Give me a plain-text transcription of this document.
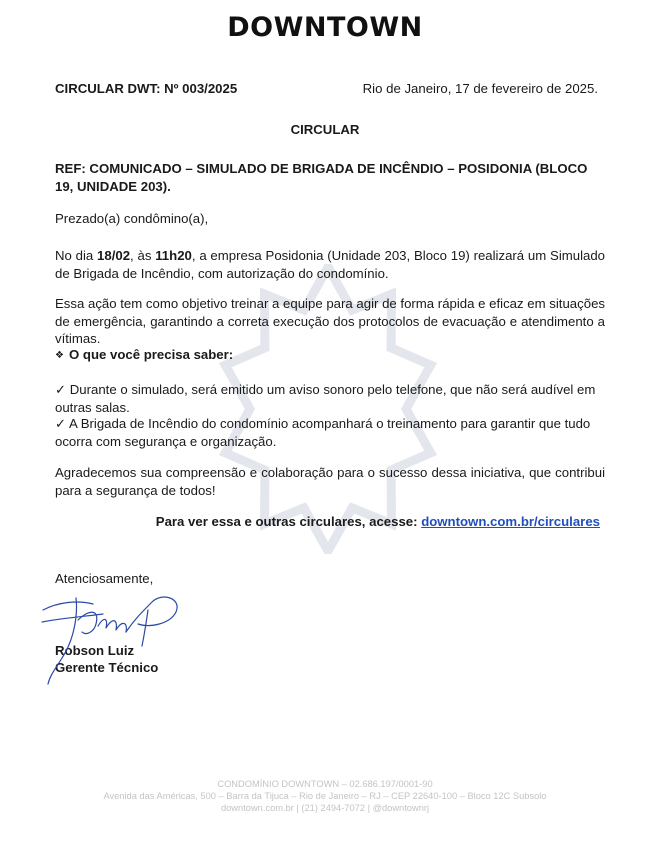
DOWNTOWN
CIRCULAR DWT: Nº 003/2025	Rio de Janeiro, 17 de fevereiro de 2025.
CIRCULAR
REF: COMUNICADO – SIMULADO DE BRIGADA DE INCÊNDIO – POSIDONIA (BLOCO 19, UNIDADE 203).
Prezado(a) condômino(a),
No dia 18/02, às 11h20, a empresa Posidonia (Unidade 203, Bloco 19) realizará um Simulado de Brigada de Incêndio, com autorização do condomínio.
Essa ação tem como objetivo treinar a equipe para agir de forma rápida e eficaz em situações de emergência, garantindo a correta execução dos protocolos de evacuação e atendimento a vítimas.
❖ O que você precisa saber:
✓ Durante o simulado, será emitido um aviso sonoro pelo telefone, que não será audível em outras salas.
✓ A Brigada de Incêndio do condomínio acompanhará o treinamento para garantir que tudo ocorra com segurança e organização.
Agradecemos sua compreensão e colaboração para o sucesso dessa iniciativa, que contribui para a segurança de todos!
Para ver essa e outras circulares, acesse: downtown.com.br/circulares
Atenciosamente,
Robson Luiz
Gerente Técnico
CONDOMÍNIO DOWNTOWN – 02.686.197/0001-90
Avenida das Américas, 500 – Barra da Tijuca – Rio de Janeiro – RJ – CEP 22640-100 – Bloco 12C Subsolo
downtown.com.br | (21) 2494-7072 | @downtownrj
